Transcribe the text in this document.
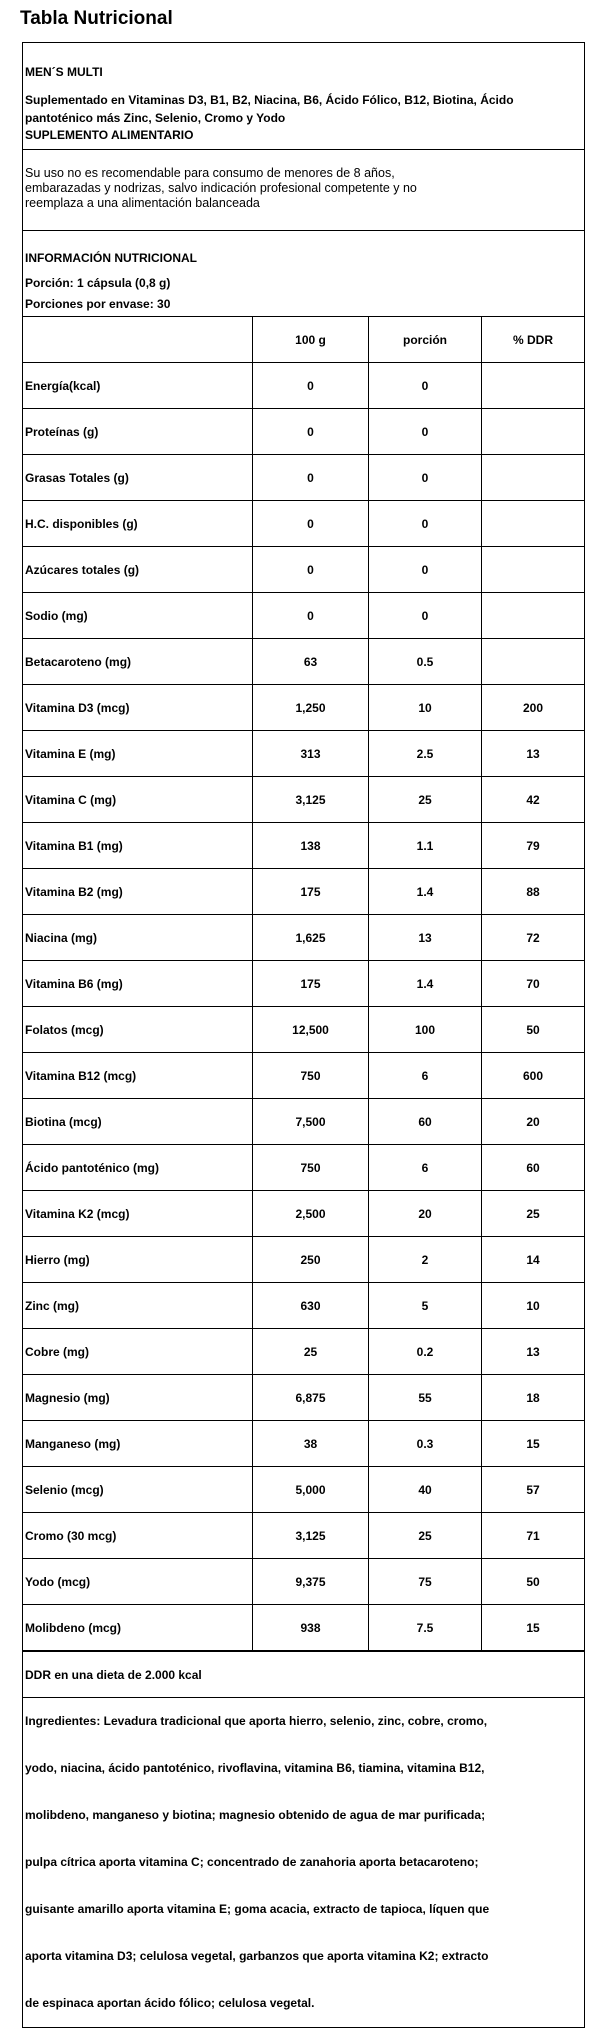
Tabla Nutricional
MEN´S MULTI
Suplementado en Vitaminas D3, B1, B2, Niacina, B6, Ácido Fólico, B12, Biotina, Ácido
pantoténico más Zinc, Selenio, Cromo y Yodo
SUPLEMENTO ALIMENTARIO
Su uso no es recomendable para consumo de menores de 8 años,
embarazadas y nodrizas, salvo indicación profesional competente y no
reemplaza a una alimentación balanceada
INFORMACIÓN NUTRICIONAL
Porción: 1 cápsula (0,8 g)
Porciones por envase: 30
	100 g	porción	% DDR
Energía(kcal)	0	0	
Proteínas (g)	0	0	
Grasas Totales (g)	0	0	
H.C. disponibles (g)	0	0	
Azúcares totales (g)	0	0	
Sodio (mg)	0	0	
Betacaroteno (mg)	63	0.5	
Vitamina D3 (mcg)	1,250	10	200
Vitamina E (mg)	313	2.5	13
Vitamina C (mg)	3,125	25	42
Vitamina B1 (mg)	138	1.1	79
Vitamina B2 (mg)	175	1.4	88
Niacina (mg)	1,625	13	72
Vitamina B6 (mg)	175	1.4	70
Folatos (mcg)	12,500	100	50
Vitamina B12 (mcg)	750	6	600
Biotina (mcg)	7,500	60	20
Ácido pantoténico (mg)	750	6	60
Vitamina K2 (mcg)	2,500	20	25
Hierro (mg)	250	2	14
Zinc (mg)	630	5	10
Cobre (mg)	25	0.2	13
Magnesio (mg)	6,875	55	18
Manganeso (mg)	38	0.3	15
Selenio (mcg)	5,000	40	57
Cromo (30 mcg)	3,125	25	71
Yodo (mcg)	9,375	75	50
Molibdeno (mcg)	938	7.5	15
DDR en una dieta de 2.000 kcal
Ingredientes: Levadura tradicional que aporta hierro, selenio, zinc, cobre, cromo,
yodo, niacina, ácido pantoténico, rivoflavina, vitamina B6, tiamina, vitamina B12,
molibdeno, manganeso y biotina; magnesio obtenido de agua de mar purificada;
pulpa cítrica aporta vitamina C; concentrado de zanahoria aporta betacaroteno;
guisante amarillo aporta vitamina E; goma acacia, extracto de tapioca, líquen que
aporta vitamina D3; celulosa vegetal, garbanzos que aporta vitamina K2; extracto
de espinaca aportan ácido fólico; celulosa vegetal.
